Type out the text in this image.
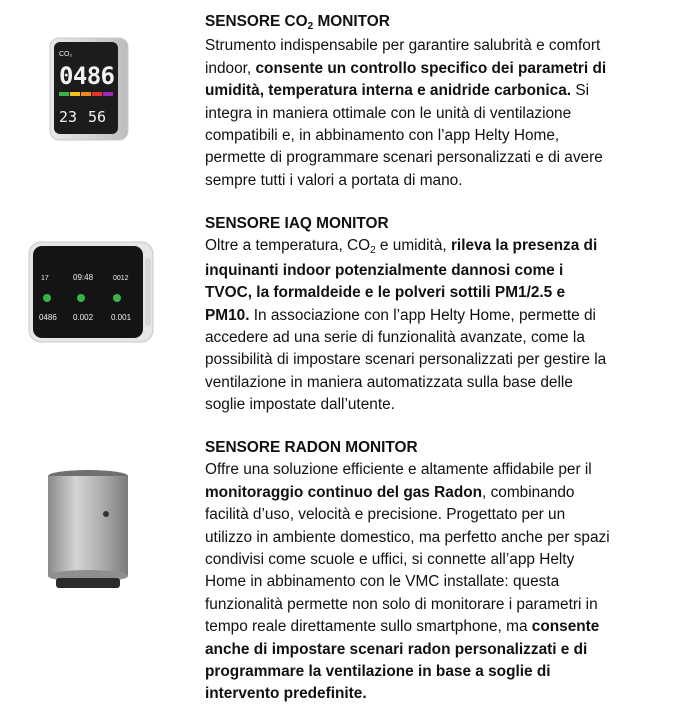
CO₂
0486
23 56
SENSORE $CO_2$ MONITOR
Strumento indispensabile per garantire salubrità e comfort
indoor, consente un controllo specifico dei parametri di
umidità, temperatura interna e anidride carbonica. Si
integra in maniera ottimale con le unità di ventilazione
compatibili e, in abbinamento con l’app Helty Home,
permette di programmare scenari personalizzati e di avere
sempre tutti i valori a portata di mano.
17	09:48	0012
0486 0.002 0.001
SENSORE IAQ MONITOR
Oltre a temperatura, $CO_2$ e umidità, rileva la presenza di
inquinanti indoor potenzialmente dannosi come i
TVOC, la formaldeide e le polveri sottili PM1/2.5 e
PM10. In associazione con l’app Helty Home, permette di
accedere ad una serie di funzionalità avanzate, come la
possibilità di impostare scenari personalizzati per gestire la
ventilazione in maniera automatizzata sulla base delle
soglie impostate dall’utente.
SENSORE RADON MONITOR
Offre una soluzione efficiente e altamente affidabile per il
monitoraggio continuo del gas Radon, combinando
facilità d’uso, velocità e precisione. Progettato per un
utilizzo in ambiente domestico, ma perfetto anche per spazi
condivisi come scuole e uffici, si connette all’app Helty
Home in abbinamento con le VMC installate: questa
funzionalità permette non solo di monitorare i parametri in
tempo reale direttamente sullo smartphone, ma consente
anche di impostare scenari radon personalizzati e di
programmare la ventilazione in base a soglie di
intervento predefinite.
